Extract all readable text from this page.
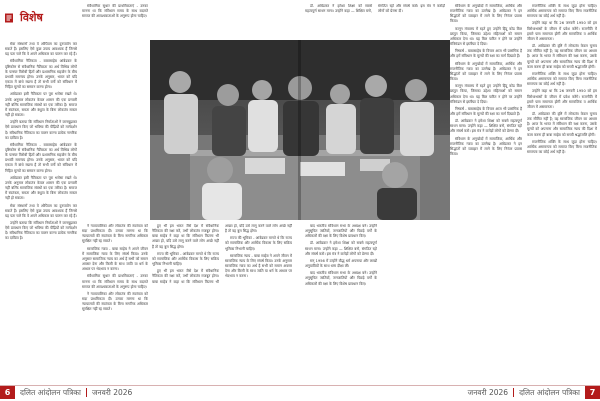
विशेष

सेवा संस्थानों तथा वे ओपियम का दुरुपयोग कर सकते हैं। इसलिए ऐसे कुछ उपाय आवश्यक हैं जिनसे यह पता चले कि वे अपने अधिकार का पालन कर रहे हैं।

संवैधानिक नैतिकता - बाबासाहेब आंबेडकर के दृष्टिकोण से संवैधानिक नैतिकता का अर्थ विभिन्न लोगों के परस्पर विरोधी हितों और प्रशासनिक सहयोग के बीच प्रभावी समन्वय होना। उनके अनुसार, भारत को यदि एकता में बांधे रखना है तो सभी वर्गों को संविधान में निहित मूल्यों का सम्मान करना होगा।

आंबेडकर इसी नैतिकता पर पूरा भरोसा रखते थे। उनके अनुसार लोकतंत्र केवल शासन की एक प्रणाली नहीं बल्कि सामाजिक संबंधों का एक तरीका है। समाज में स्वतंत्रता, समता और बंधुत्व के बिना लोकतंत्र सफल नहीं हो सकता।

उन्होंने बताया कि संविधान निर्माताओं ने जानबूझकर ऐसे प्रावधान किए जो भविष्य की पीढ़ियों को मार्गदर्शन दें। संवैधानिक नैतिकता का पालन करना प्रत्येक नागरिक का दायित्व है।

संवैधानिक नैतिकता - बाबासाहेब आंबेडकर के दृष्टिकोण से संवैधानिक नैतिकता का अर्थ विभिन्न लोगों के परस्पर विरोधी हितों और प्रशासनिक सहयोग के बीच प्रभावी समन्वय होना। उनके अनुसार, भारत को यदि एकता में बांधे रखना है तो सभी वर्गों को संविधान में निहित मूल्यों का सम्मान करना होगा।

आंबेडकर इसी नैतिकता पर पूरा भरोसा रखते थे। उनके अनुसार लोकतंत्र केवल शासन की एक प्रणाली नहीं बल्कि सामाजिक संबंधों का एक तरीका है। समाज में स्वतंत्रता, समता और बंधुत्व के बिना लोकतंत्र सफल नहीं हो सकता।

सेवा संस्थानों तथा वे ओपियम का दुरुपयोग कर सकते हैं। इसलिए ऐसे कुछ उपाय आवश्यक हैं जिनसे यह पता चले कि वे अपने अधिकार का पालन कर रहे हैं।

उन्होंने बताया कि संविधान निर्माताओं ने जानबूझकर ऐसे प्रावधान किए जो भविष्य की पीढ़ियों को मार्गदर्शन दें। संवैधानिक नैतिकता का पालन करना प्रत्येक नागरिक का दायित्व है।

ने न्यायपालिका और लोकतंत्र की स्वतंत्रता को सदा प्राथमिकता दी। उनका मानना था कि न्यायालयों की स्वतंत्रता के बिना नागरिक अधिकार सुरक्षित नहीं रह सकते।

सामाजिक न्याय - बाबा साहेब ने अपने जीवन में सामाजिक न्याय के लिए संघर्ष किया। उनके अनुसार सामाजिक न्याय का अर्थ है सभी को समान अवसर देना और किसी के साथ जाति या धर्म के आधार पर भेदभाव न करना।

संवैधानिक सुधार की प्राथमिकताएं - उनका मानना था कि संविधान समय के साथ बदलते समाज की आवश्यकताओं के अनुरूप होना चाहिए।

ने न्यायपालिका और लोकतंत्र की स्वतंत्रता को सदा प्राथमिकता दी। उनका मानना था कि न्यायालयों की स्वतंत्रता के बिना नागरिक अधिकार सुरक्षित नहीं रह सकते।

हुए भी हम भारत जैसे देश में संवैधानिक नैतिकता की रक्षा करें, तभी लोकतंत्र मजबूत होगा। बाबा साहेब ने कहा था कि संविधान कितना भी अच्छा हो, यदि उसे लागू करने वाले लोग अच्छे नहीं हैं तो वह बुरा सिद्ध होगा।

राज्य की भूमिका - आंबेडकर मानते थे कि राज्य को सामाजिक और आर्थिक विकास के लिए सक्रिय भूमिका निभानी चाहिए।

हुए भी हम भारत जैसे देश में संवैधानिक नैतिकता की रक्षा करें, तभी लोकतंत्र मजबूत होगा। बाबा साहेब ने कहा था कि संविधान कितना भी अच्छा हो, यदि उसे लागू करने वाले लोग अच्छे नहीं हैं तो वह बुरा सिद्ध होगा।

राज्य की भूमिका - आंबेडकर मानते थे कि राज्य को सामाजिक और आर्थिक विकास के लिए सक्रिय भूमिका निभानी चाहिए।

सामाजिक न्याय - बाबा साहेब ने अपने जीवन में सामाजिक न्याय के लिए संघर्ष किया। उनके अनुसार सामाजिक न्याय का अर्थ है सभी को समान अवसर देना और किसी के साथ जाति या धर्म के आधार पर भेदभाव न करना।

बाद भारतीय संविधान सभा के अध्यक्ष बने। उन्होंने अनुसूचित जातियों, जनजातियों और पिछड़े वर्गों के अधिकारों की रक्षा के लिए विशेष प्रावधान किए।

डॉ. आंबेडकर ने हमेशा शिक्षा को सबसे महत्वपूर्ण साधन माना। उन्होंने कहा — शिक्षित बनो, संगठित रहो और संघर्ष करो। इस मंत्र ने करोड़ों लोगों को प्रेरणा दी।

सन् 1956 में उन्होंने बौद्ध धर्म अपनाया और लाखों अनुयायियों के साथ धम्म दीक्षा ली।

बाद भारतीय संविधान सभा के अध्यक्ष बने। उन्होंने अनुसूचित जातियों, जनजातियों और पिछड़े वर्गों के अधिकारों की रक्षा के लिए विशेष प्रावधान किए।

संविधान के अनुच्छेदों में सामाजिक, आर्थिक और राजनीतिक न्याय का उल्लेख है। आंबेडकर ने इन सिद्धांतों को व्यवहार में लाने के लिए निरंतर प्रयास किया।

कानून मंत्रालय में रहते हुए उन्होंने हिंदू कोड बिल प्रस्तुत किया, जिसका उद्देश्य महिलाओं को समान अधिकार देना था। यह बिल पारित न होने पर उन्होंने मंत्रिमंडल से इस्तीफा दे दिया।

निष्कर्ष - बाबासाहेब के विचार आज भी प्रासंगिक हैं और हमें संविधान के मूल्यों की रक्षा का मार्ग दिखाते हैं।

संविधान के अनुच्छेदों में सामाजिक, आर्थिक और राजनीतिक न्याय का उल्लेख है। आंबेडकर ने इन सिद्धांतों को व्यवहार में लाने के लिए निरंतर प्रयास किया।

कानून मंत्रालय में रहते हुए उन्होंने हिंदू कोड बिल प्रस्तुत किया, जिसका उद्देश्य महिलाओं को समान अधिकार देना था। यह बिल पारित न होने पर उन्होंने मंत्रिमंडल से इस्तीफा दे दिया।

निष्कर्ष - बाबासाहेब के विचार आज भी प्रासंगिक हैं और हमें संविधान के मूल्यों की रक्षा का मार्ग दिखाते हैं।

डॉ. आंबेडकर ने हमेशा शिक्षा को सबसे महत्वपूर्ण साधन माना। उन्होंने कहा — शिक्षित बनो, संगठित रहो और संघर्ष करो। इस मंत्र ने करोड़ों लोगों को प्रेरणा दी।

संविधान के अनुच्छेदों में सामाजिक, आर्थिक और राजनीतिक न्याय का उल्लेख है। आंबेडकर ने इन सिद्धांतों को व्यवहार में लाने के लिए निरंतर प्रयास किया।

राजनीतिक शक्ति के साथ जुड़ा होना चाहिए। आर्थिक असमानता को समाप्त किए बिना राजनीतिक समानता का कोई अर्थ नहीं है।

उन्होंने कहा था कि 26 जनवरी 1950 को हम विरोधाभासों के जीवन में प्रवेश करेंगे। राजनीति में हमारे पास समानता होगी और सामाजिक व आर्थिक जीवन में असमानता।

डॉ. आंबेडकर की दृष्टि में लोकतंत्र केवल चुनाव तक सीमित नहीं है; यह सामाजिक जीवन का आधार है। आज के भारत में संविधान की रक्षा करना, उसके मूल्यों को अपनाना और सामाजिक न्याय की दिशा में काम करना ही बाबा साहेब को सच्ची श्रद्धांजलि होगी।

राजनीतिक शक्ति के साथ जुड़ा होना चाहिए। आर्थिक असमानता को समाप्त किए बिना राजनीतिक समानता का कोई अर्थ नहीं है।

उन्होंने कहा था कि 26 जनवरी 1950 को हम विरोधाभासों के जीवन में प्रवेश करेंगे। राजनीति में हमारे पास समानता होगी और सामाजिक व आर्थिक जीवन में असमानता।

डॉ. आंबेडकर की दृष्टि में लोकतंत्र केवल चुनाव तक सीमित नहीं है; यह सामाजिक जीवन का आधार है। आज के भारत में संविधान की रक्षा करना, उसके मूल्यों को अपनाना और सामाजिक न्याय की दिशा में काम करना ही बाबा साहेब को सच्ची श्रद्धांजलि होगी।

राजनीतिक शक्ति के साथ जुड़ा होना चाहिए। आर्थिक असमानता को समाप्त किए बिना राजनीतिक समानता का कोई अर्थ नहीं है।

डॉ. आंबेडकर ने हमेशा शिक्षा को सबसे महत्वपूर्ण साधन माना। उन्होंने कहा — शिक्षित बनो, संगठित रहो और संघर्ष करो। इस मंत्र ने करोड़ों लोगों को प्रेरणा दी।

संवैधानिक सुधार की प्राथमिकताएं - उनका मानना था कि संविधान समय के साथ बदलते समाज की आवश्यकताओं के अनुरूप होना चाहिए।

6	दलित आंदोलन पत्रिका	जनवरी 2026	जनवरी 2026	दलित आंदोलन पत्रिका	7
